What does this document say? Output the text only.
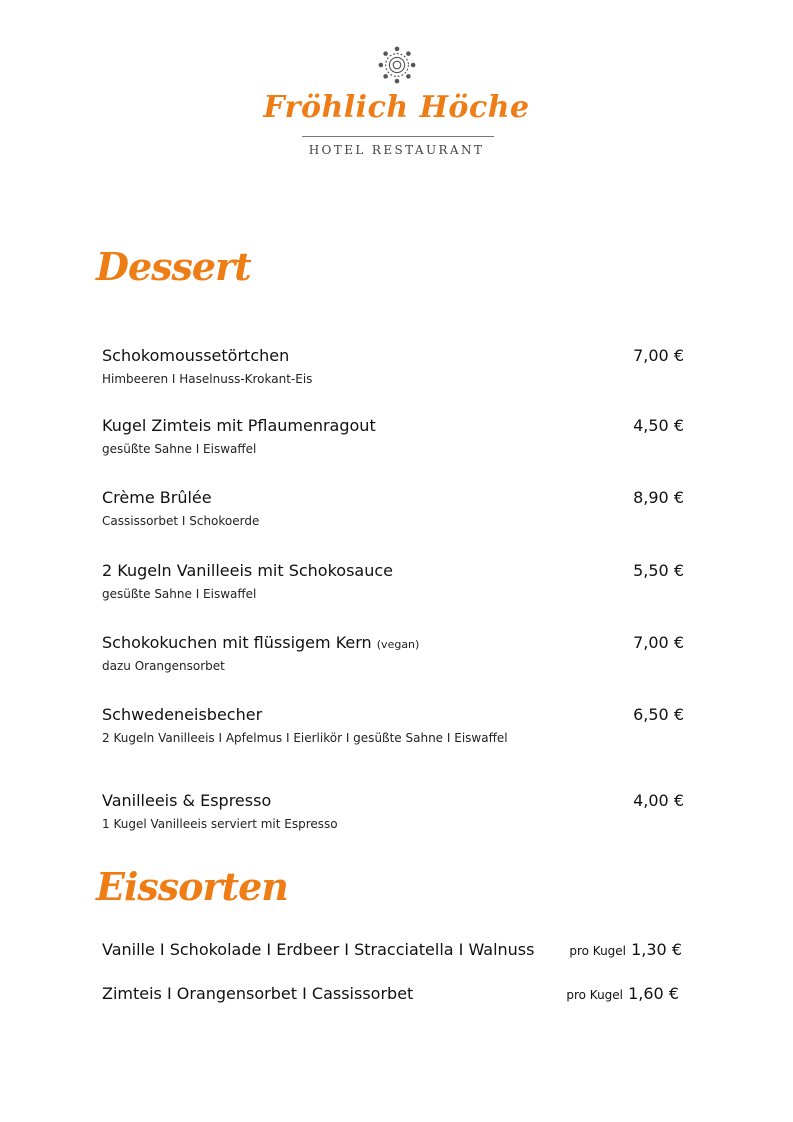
Fröhlich Höche
HOTEL RESTAURANT
Dessert
Schokomoussetörtchen
Himbeeren I Haselnuss-Krokant-Eis
7,00 €
Kugel Zimteis mit Pflaumenragout
gesüßte Sahne I Eiswaffel
4,50 €
Crème Brûlée
Cassissorbet I Schokoerde
8,90 €
2 Kugeln Vanilleeis mit Schokosauce
gesüßte Sahne I Eiswaffel
5,50 €
Schokokuchen mit flüssigem Kern (vegan)
dazu Orangensorbet
7,00 €
Schwedeneisbecher
2 Kugeln Vanilleeis I Apfelmus I Eierlikör I gesüßte Sahne I Eiswaffel
6,50 €
Vanilleeis & Espresso
1 Kugel Vanilleeis serviert mit Espresso
4,00 €
Eissorten
Vanille I Schokolade I Erdbeer I Stracciatella I Walnuss	pro Kugel 1,30 €
Zimteis I Orangensorbet I Cassissorbet	pro Kugel 1,60 €
